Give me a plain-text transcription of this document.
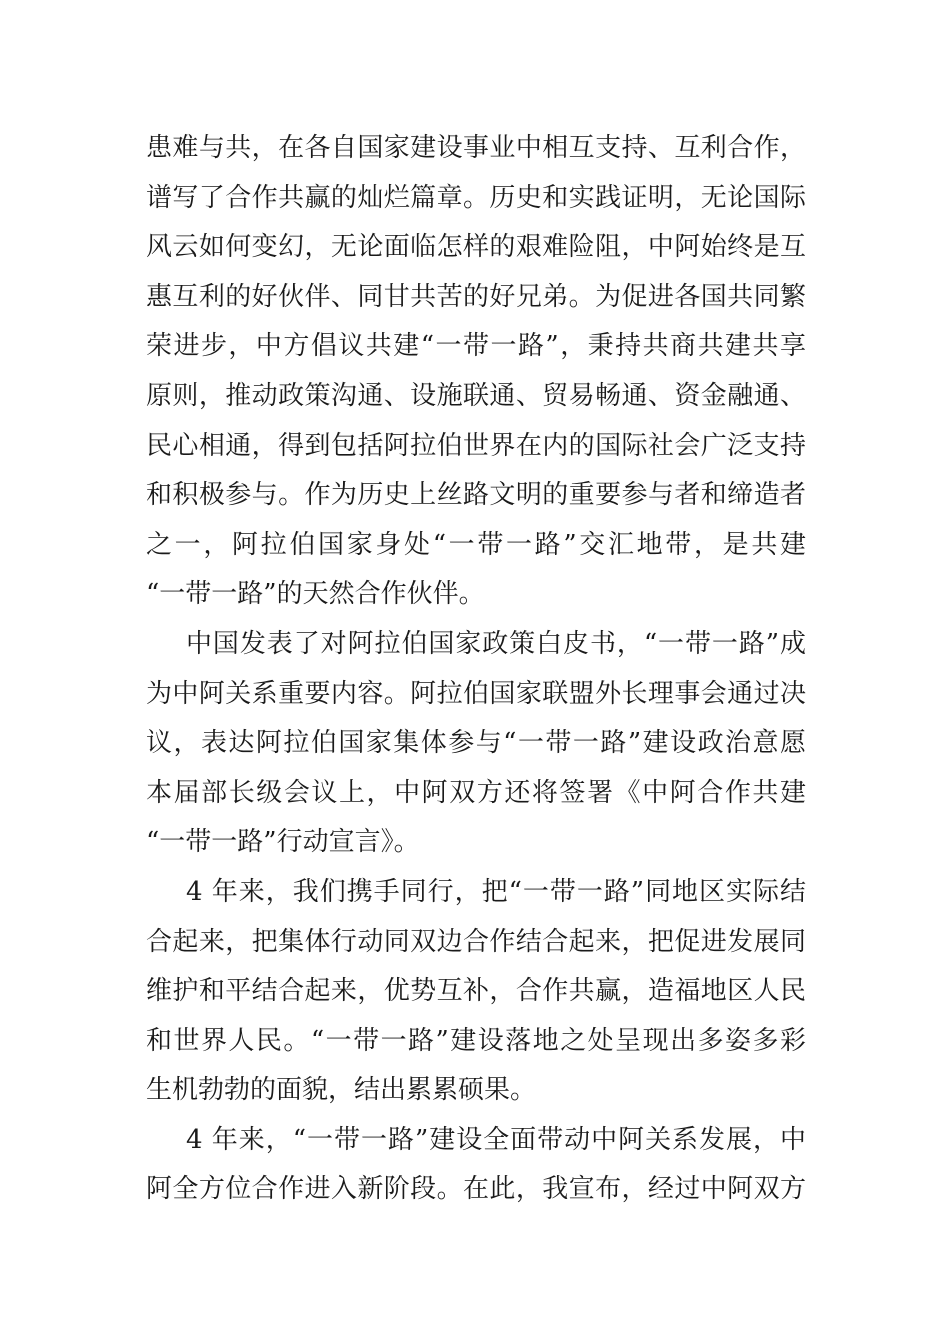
患难与共，在各自国家建设事业中相互支持、互利合作，
谱写了合作共赢的灿烂篇章。历史和实践证明，无论国际
风云如何变幻，无论面临怎样的艰难险阻，中阿始终是互
惠互利的好伙伴、同甘共苦的好兄弟。为促进各国共同繁
荣进步，中方倡议共建“一带一路”，秉持共商共建共享
原则，推动政策沟通、设施联通、贸易畅通、资金融通、
民心相通，得到包括阿拉伯世界在内的国际社会广泛支持
和积极参与。作为历史上丝路文明的重要参与者和缔造者
之一，阿拉伯国家身处“一带一路”交汇地带，是共建
“一带一路”的天然合作伙伴。
中国发表了对阿拉伯国家政策白皮书，“一带一路”成
为中阿关系重要内容。阿拉伯国家联盟外长理事会通过决
议，表达阿拉伯国家集体参与“一带一路”建设政治意愿
本届部长级会议上，中阿双方还将签署《中阿合作共建
“一带一路”行动宣言》。
4 年来，我们携手同行，把“一带一路”同地区实际结
合起来，把集体行动同双边合作结合起来，把促进发展同
维护和平结合起来，优势互补，合作共赢，造福地区人民
和世界人民。“一带一路”建设落地之处呈现出多姿多彩
生机勃勃的面貌，结出累累硕果。
4 年来，“一带一路”建设全面带动中阿关系发展，中
阿全方位合作进入新阶段。在此，我宣布，经过中阿双方
